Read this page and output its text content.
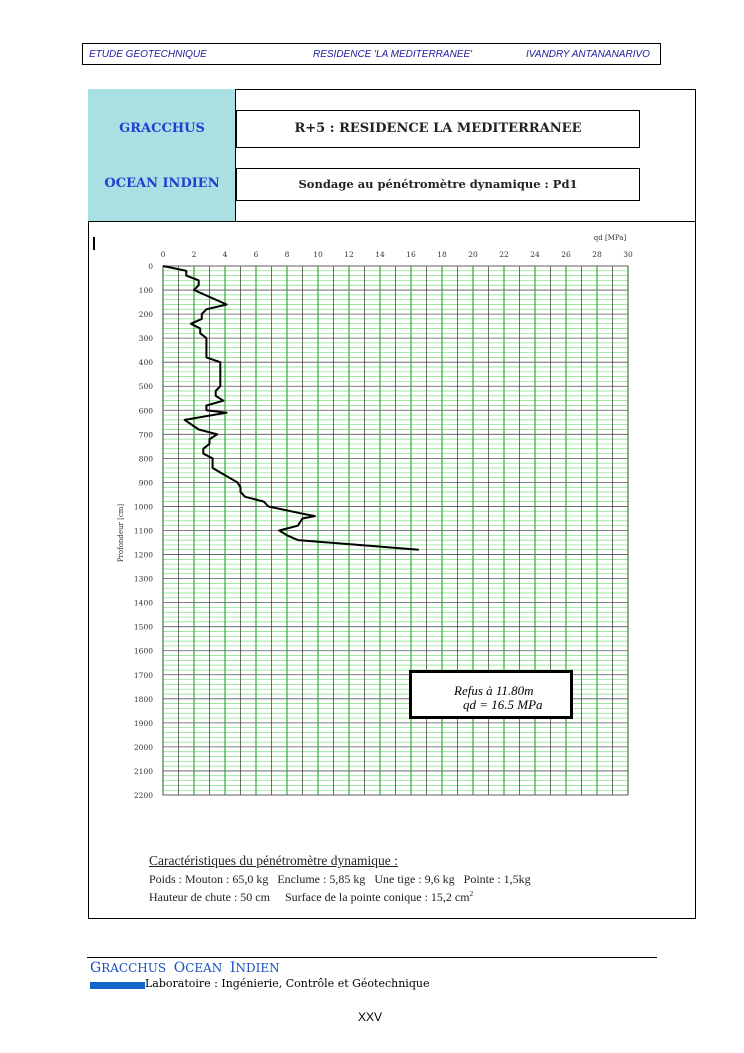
ETUDE GEOTECHNIQUE	RESIDENCE 'LA MEDITERRANEE'	IVANDRY ANTANANARIVO
GRACCHUS
OCEAN INDIEN
R+5 : RESIDENCE LA MEDITERRANEE
Sondage au pénétromètre dynamique : Pd1
0	2	4	6	8	10	12	14	16	18	20	22	24	26	28	30
0
100
200
300
400
500
600
700
800
900
1000
1100
1200
1300
1400
1500
1600
1700
1800
1900
2000
2100
2200
qd [MPa]
Profondeur [cm]
Refus à 11.80m
qd = 16.5 MPa
Caractéristiques du pénétromètre dynamique :
Poids : Mouton : 65,0 kg   Enclume : 5,85 kg   Une tige : 9,6 kg   Pointe : 1,5kg
Hauteur de chute : 50 cm     Surface de la pointe conique : 15,2 $cm^2$
GRACCHUS OCEAN INDIEN
Laboratoire : Ingénierie, Contrôle et Géotechnique
XXV
